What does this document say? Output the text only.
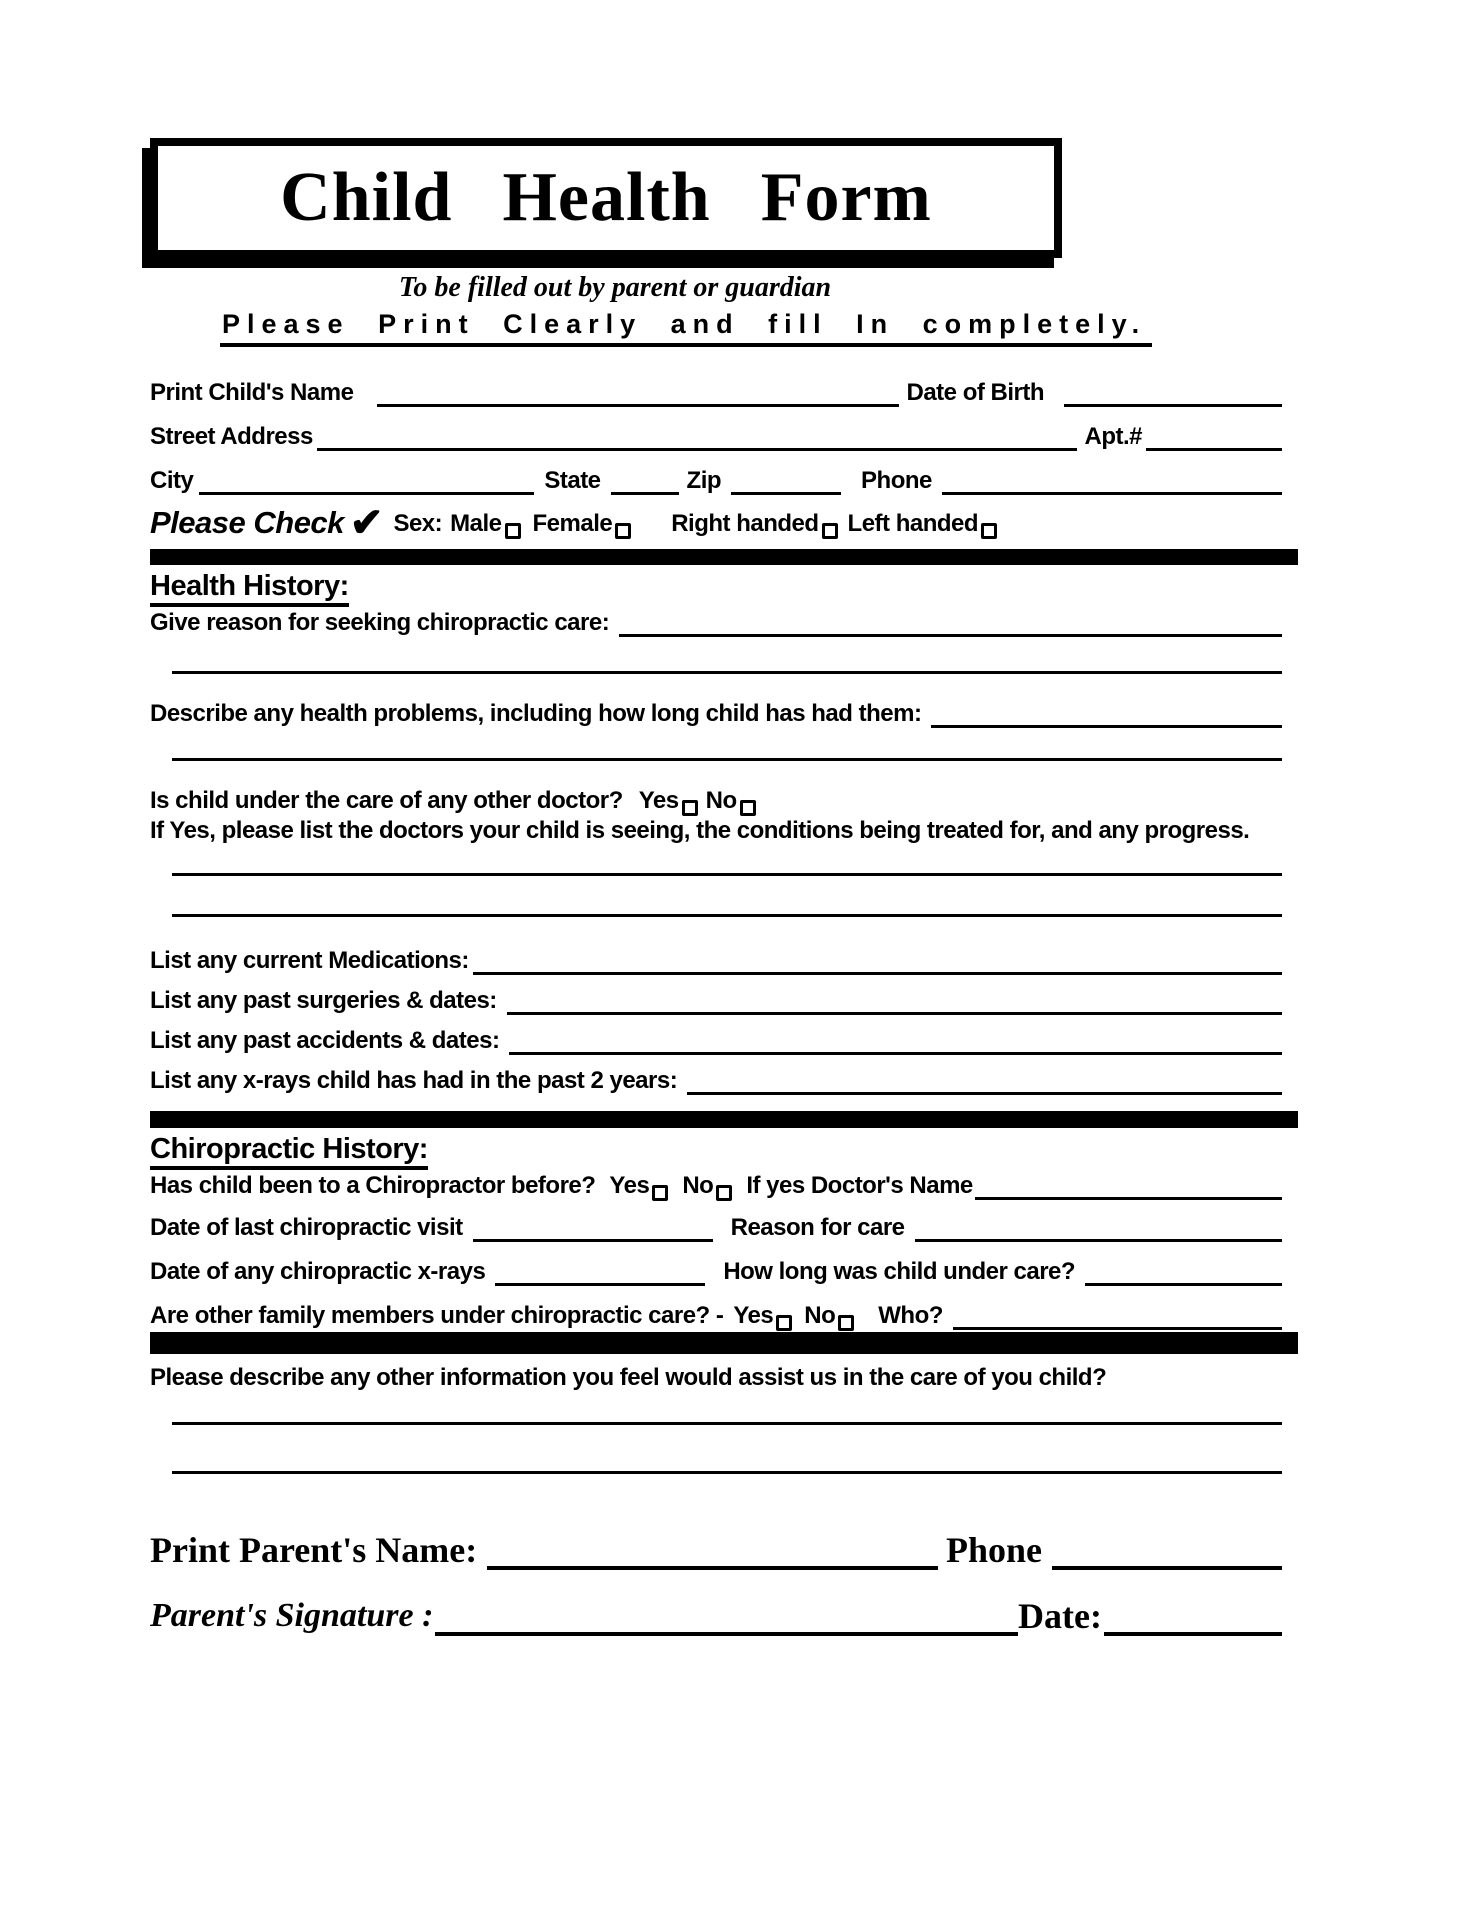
Child Health Form
To be filled out by parent or guardian
Please Print Clearly and fill In completely.
Print Child's Name	Date of Birth
Street Address	Apt.#
City	State	Zip	Phone
Please Check ✔ Sex: Male Female Right handed Left handed
Health History:
Give reason for seeking chiropractic care:
Describe any health problems, including how long child has had them:
Is child under the care of any other doctor? Yes No
If Yes, please list the doctors your child is seeing, the conditions being treated for, and any progress.
List any current Medications:
List any past surgeries & dates:
List any past accidents & dates:
List any x-rays child has had in the past 2 years:
Chiropractic History:
Has child been to a Chiropractor before? Yes No If yes Doctor's Name
Date of last chiropractic visit	Reason for care
Date of any chiropractic x-rays	How long was child under care?
Are other family members under chiropractic care? - Yes No Who?
Please describe any other information you feel would assist us in the care of you child?
Print Parent's Name:	Phone
Parent's Signature :	Date:
